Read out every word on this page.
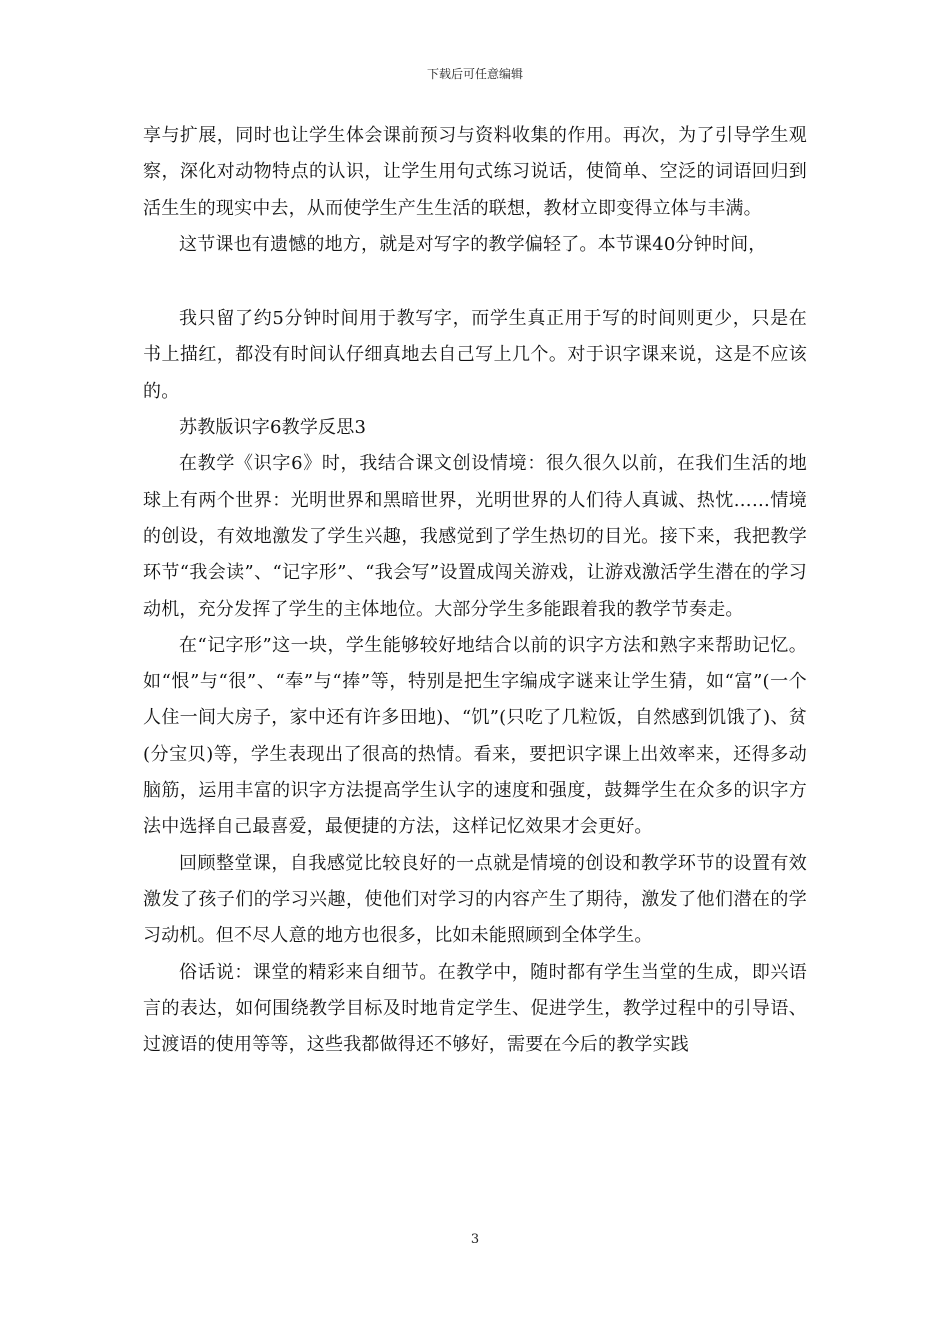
下载后可任意编辑

享与扩展，同时也让学生体会课前预习与资料收集的作用。再次，为了引导学生观察，深化对动物特点的认识，让学生用句式练习说话，使简单、空泛的词语回归到活生生的现实中去，从而使学生产生生活的联想，教材立即变得立体与丰满。

这节课也有遗憾的地方，就是对写字的教学偏轻了。本节课40分钟时间，

我只留了约5分钟时间用于教写字，而学生真正用于写的时间则更少，只是在书上描红，都没有时间认仔细真地去自己写上几个。对于识字课来说，这是不应该的。

苏教版识字6教学反思3

在教学《识字6》时，我结合课文创设情境：很久很久以前，在我们生活的地球上有两个世界：光明世界和黑暗世界，光明世界的人们待人真诚、热忱……情境的创设，有效地激发了学生兴趣，我感觉到了学生热切的目光。接下来，我把教学环节“我会读”、“记字形”、“我会写”设置成闯关游戏，让游戏激活学生潜在的学习动机，充分发挥了学生的主体地位。大部分学生多能跟着我的教学节奏走。

在“记字形”这一块，学生能够较好地结合以前的识字方法和熟字来帮助记忆。如“恨”与“很”、“奉”与“捧”等，特别是把生字编成字谜来让学生猜，如“富”(一个人住一间大房子，家中还有许多田地)、“饥”(只吃了几粒饭，自然感到饥饿了)、贫(分宝贝)等，学生表现出了很高的热情。看来，要把识字课上出效率来，还得多动脑筋，运用丰富的识字方法提高学生认字的速度和强度，鼓舞学生在众多的识字方法中选择自己最喜爱，最便捷的方法，这样记忆效果才会更好。

回顾整堂课，自我感觉比较良好的一点就是情境的创设和教学环节的设置有效激发了孩子们的学习兴趣，使他们对学习的内容产生了期待，激发了他们潜在的学习动机。但不尽人意的地方也很多，比如未能照顾到全体学生。

俗话说：课堂的精彩来自细节。在教学中，随时都有学生当堂的生成，即兴语言的表达，如何围绕教学目标及时地肯定学生、促进学生，教学过程中的引导语、过渡语的使用等等，这些我都做得还不够好，需要在今后的教学实践

3
